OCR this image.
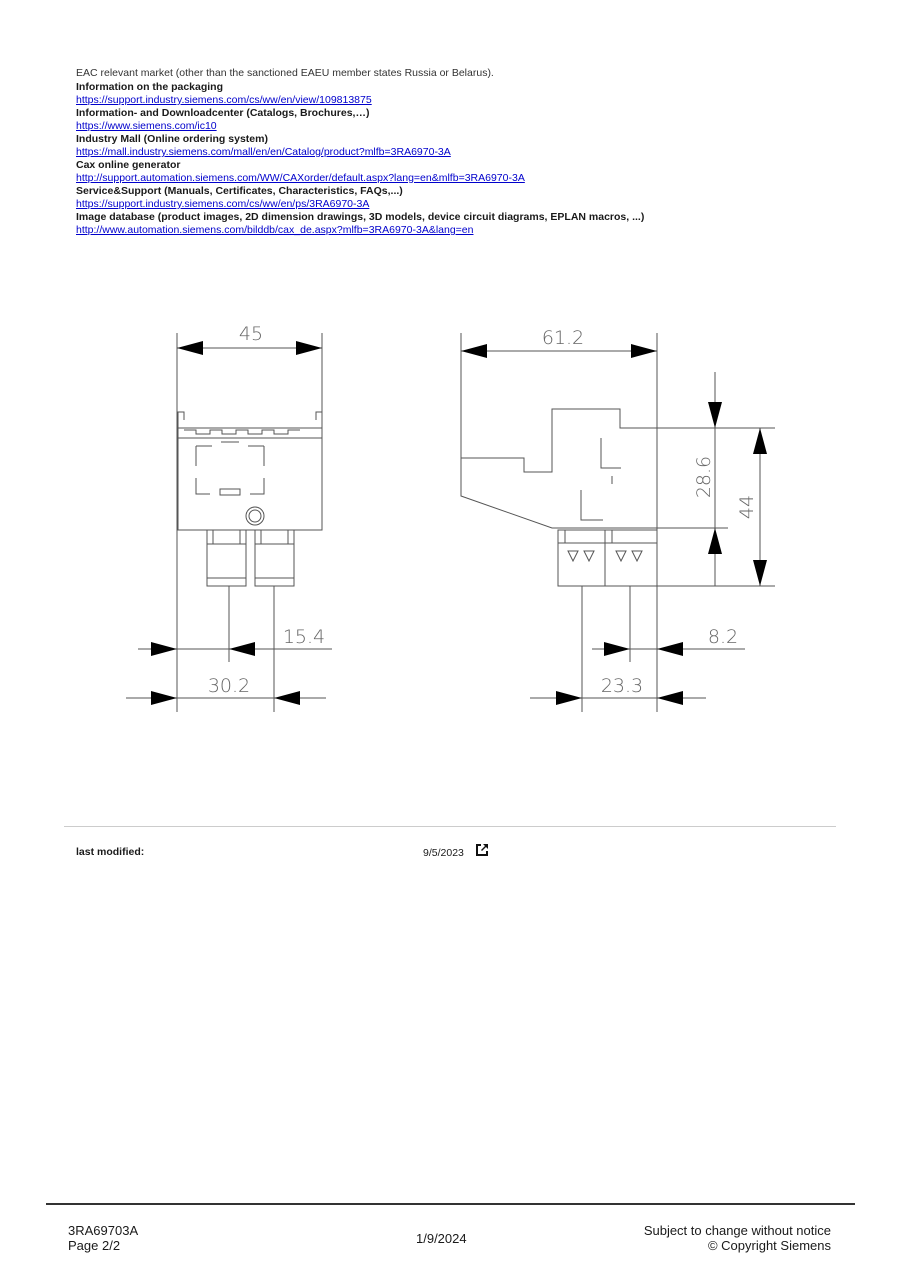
EAC relevant market (other than the sanctioned EAEU member states Russia or Belarus).
Information on the packaging
https://support.industry.siemens.com/cs/ww/en/view/109813875
Information- and Downloadcenter (Catalogs, Brochures,…)
https://www.siemens.com/ic10
Industry Mall (Online ordering system)
https://mall.industry.siemens.com/mall/en/en/Catalog/product?mlfb=3RA6970-3A
Cax online generator
http://support.automation.siemens.com/WW/CAXorder/default.aspx?lang=en&mlfb=3RA6970-3A
Service&Support (Manuals, Certificates, Characteristics, FAQs,...)
https://support.industry.siemens.com/cs/ww/en/ps/3RA6970-3A
Image database (product images, 2D dimension drawings, 3D models, device circuit diagrams, EPLAN macros, ...)
http://www.automation.siemens.com/bilddb/cax_de.aspx?mlfb=3RA6970-3A&lang=en
45
15.4
30.2
61.2
28.6
44
8.2
23.3
last modified:	9/5/2023
3RA69703A
Page 2/2	1/9/2024
Subject to change without notice
© Copyright Siemens
